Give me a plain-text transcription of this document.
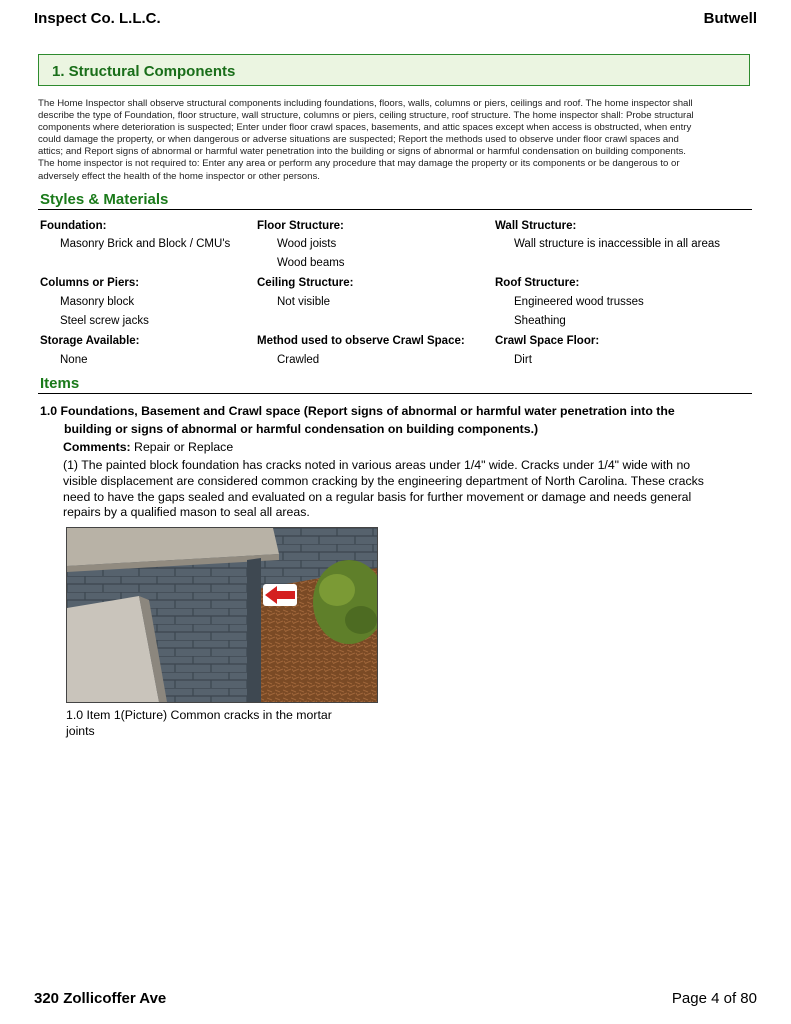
Inspect Co. L.L.C.	Butwell
1. Structural Components
The Home Inspector shall observe structural components including foundations, floors, walls, columns or piers, ceilings and roof. The home inspector shall
describe the type of Foundation, floor structure, wall structure, columns or piers, ceiling structure, roof structure. The home inspector shall: Probe structural
components where deterioration is suspected; Enter under floor crawl spaces, basements, and attic spaces except when access is obstructed, when entry
could damage the property, or when dangerous or adverse situations are suspected; Report the methods used to observe under floor crawl spaces and
attics; and Report signs of abnormal or harmful water penetration into the building or signs of abnormal or harmful condensation on building components.
The home inspector is not required to: Enter any area or perform any procedure that may damage the property or its components or be dangerous to or
adversely effect the health of the home inspector or other persons.
Styles & Materials
Foundation:
Masonry Brick and Block / CMU's
Floor Structure:
Wood joists
Wood beams
Wall Structure:
Wall structure is inaccessible in all areas
Columns or Piers:
Masonry block
Steel screw jacks
Ceiling Structure:
Not visible
Roof Structure:
Engineered wood trusses
Sheathing
Storage Available:
None
Method used to observe Crawl Space:
Crawled
Crawl Space Floor:
Dirt
Items
1.0 Foundations, Basement and Crawl space (Report signs of abnormal or harmful water penetration into the
building or signs of abnormal or harmful condensation on building components.)
Comments: Repair or Replace
(1) The painted block foundation has cracks noted in various areas under 1/4" wide. Cracks under 1/4" wide with no
visible displacement are considered common cracking by the engineering department of North Carolina. These cracks
need to have the gaps sealed and evaluated on a regular basis for further movement or damage and needs general
repairs by a qualified mason to seal all areas.
1.0 Item 1(Picture) Common cracks in the mortar
joints
320 Zollicoffer Ave	Page 4 of 80
